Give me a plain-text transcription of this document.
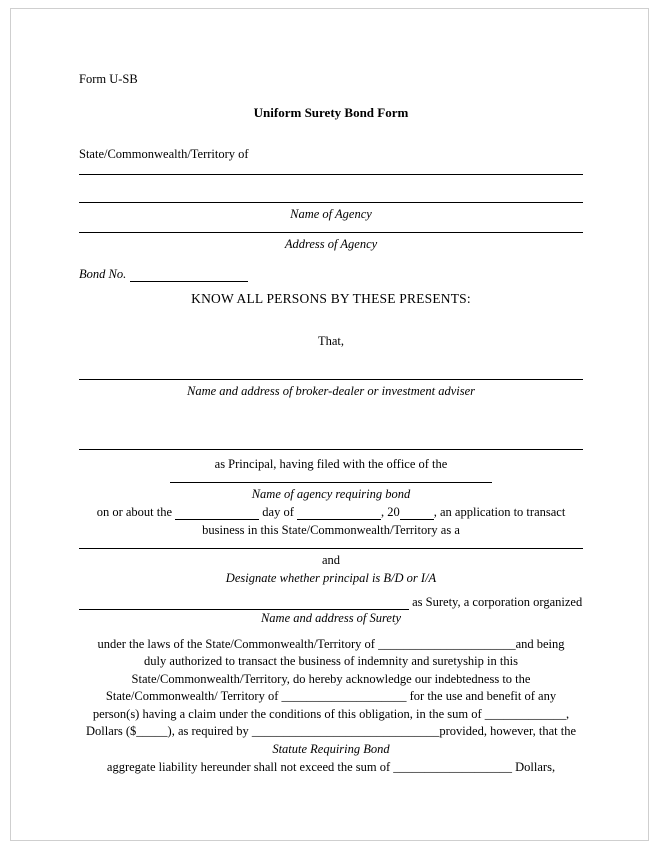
Form U-SB
Uniform Surety Bond Form
State/Commonwealth/Territory of
Name of Agency
Address of Agency
Bond No.
KNOW ALL PERSONS BY THESE PRESENTS:
That,
Name and address of broker-dealer or investment adviser
as Principal, having filed with the office of the
Name of agency requiring bond
on or about the	day of	, 20	, an application to transact
business in this State/Commonwealth/Territory as a
and
Designate whether principal is B/D or I/A
as Surety, a corporation organized
Name and address of Surety
under the laws of the State/Commonwealth/Territory of ______________________and being
duly authorized to transact the business of indemnity and suretyship in this
State/Commonwealth/Territory, do hereby acknowledge our indebtedness to the
State/Commonwealth/ Territory of ____________________ for the use and benefit of any
person(s) having a claim under the conditions of this obligation, in the sum of _____________,
Dollars ($_____), as required by ______________________________provided, however, that the
Statute Requiring Bond
aggregate liability hereunder shall not exceed the sum of ___________________ Dollars,
